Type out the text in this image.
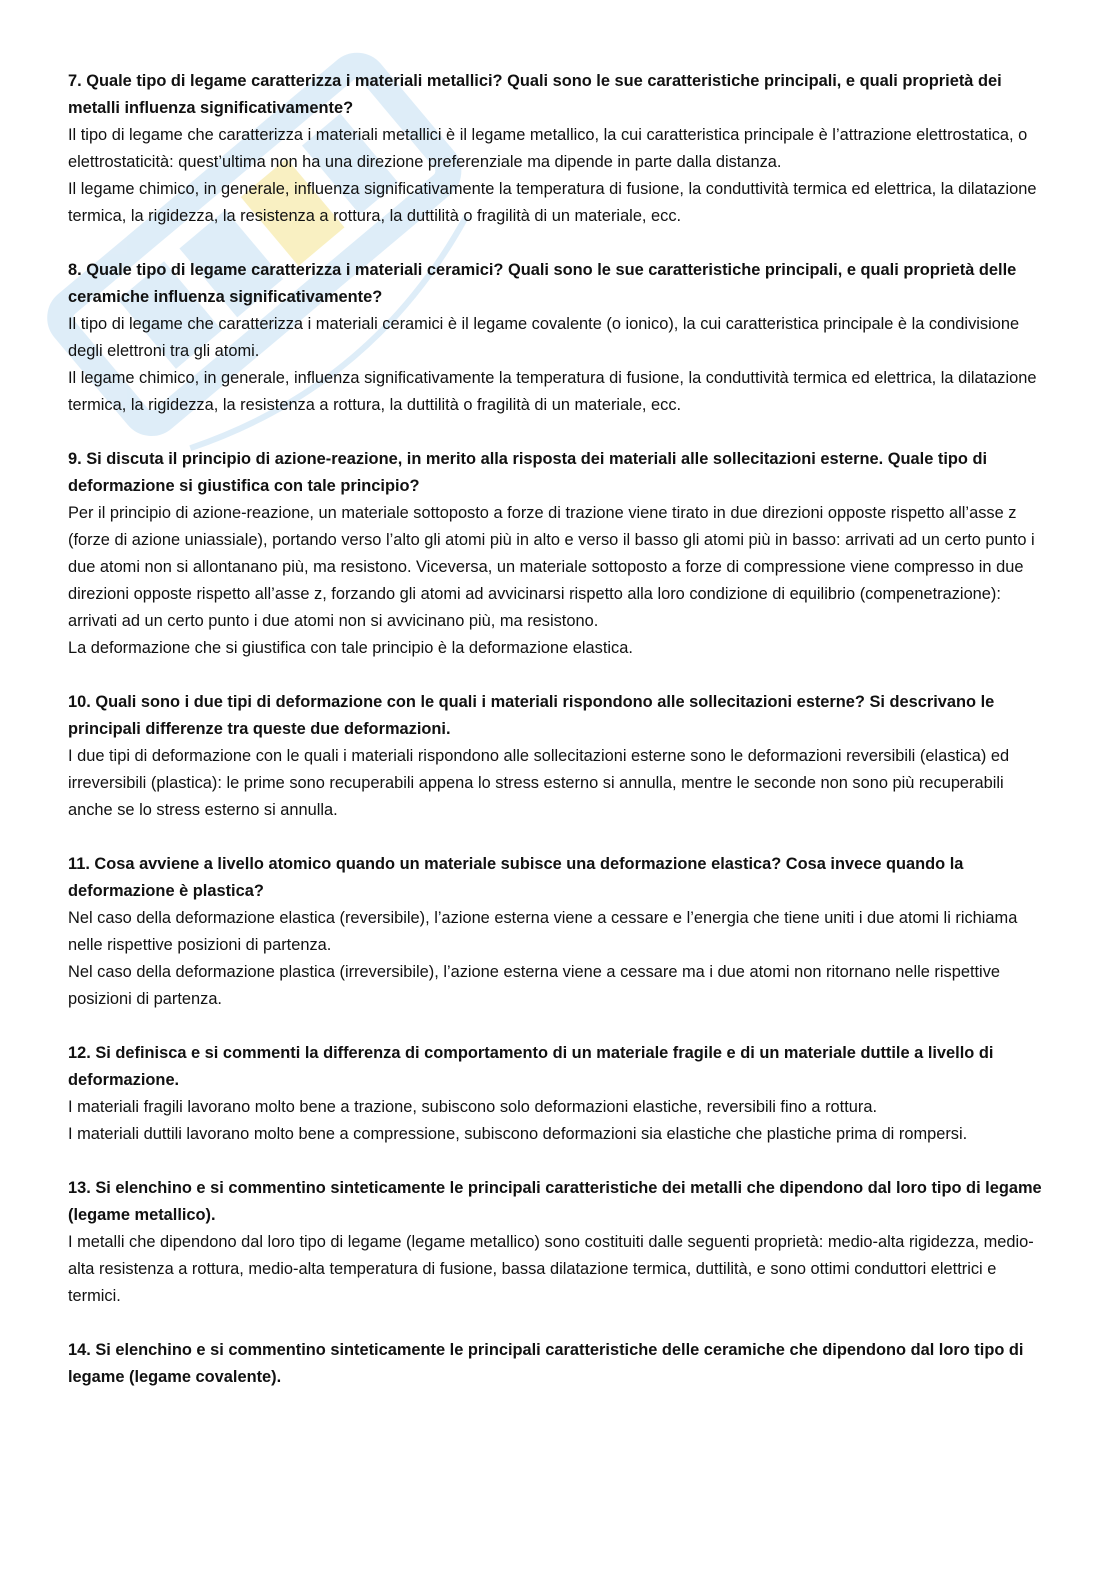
7. Quale tipo di legame caratterizza i materiali metallici? Quali sono le sue caratteristiche principali, e quali proprietà dei metalli influenza significativamente?

Il tipo di legame che caratterizza i materiali metallici è il legame metallico, la cui caratteristica principale è l’attrazione elettrostatica, o elettrostaticità: quest’ultima non ha una direzione preferenziale ma dipende in parte dalla distanza.

Il legame chimico, in generale, influenza significativamente la temperatura di fusione, la conduttività termica ed elettrica, la dilatazione termica, la rigidezza, la resistenza a rottura, la duttilità o fragilità di un materiale, ecc.

8. Quale tipo di legame caratterizza i materiali ceramici? Quali sono le sue caratteristiche principali, e quali proprietà delle ceramiche influenza significativamente?

Il tipo di legame che caratterizza i materiali ceramici è il legame covalente (o ionico), la cui caratteristica principale è la condivisione degli elettroni tra gli atomi.

Il legame chimico, in generale, influenza significativamente la temperatura di fusione, la conduttività termica ed elettrica, la dilatazione termica, la rigidezza, la resistenza a rottura, la duttilità o fragilità di un materiale, ecc.

9. Si discuta il principio di azione-reazione, in merito alla risposta dei materiali alle sollecitazioni esterne. Quale tipo di deformazione si giustifica con tale principio?

Per il principio di azione-reazione, un materiale sottoposto a forze di trazione viene tirato in due direzioni opposte rispetto all’asse z (forze di azione uniassiale), portando verso l’alto gli atomi più in alto e verso il basso gli atomi più in basso: arrivati ad un certo punto i due atomi non si allontanano più, ma resistono. Viceversa, un materiale sottoposto a forze di compressione viene compresso in due direzioni opposte rispetto all’asse z, forzando gli atomi ad avvicinarsi rispetto alla loro condizione di equilibrio (compenetrazione): arrivati ad un certo punto i due atomi non si avvicinano più, ma resistono.

La deformazione che si giustifica con tale principio è la deformazione elastica.

10. Quali sono i due tipi di deformazione con le quali i materiali rispondono alle sollecitazioni esterne? Si descrivano le principali differenze tra queste due deformazioni.

I due tipi di deformazione con le quali i materiali rispondono alle sollecitazioni esterne sono le deformazioni reversibili (elastica) ed irreversibili (plastica): le prime sono recuperabili appena lo stress esterno si annulla, mentre le seconde non sono più recuperabili anche se lo stress esterno si annulla.

11. Cosa avviene a livello atomico quando un materiale subisce una deformazione elastica? Cosa invece quando la deformazione è plastica?

Nel caso della deformazione elastica (reversibile), l’azione esterna viene a cessare e l’energia che tiene uniti i due atomi li richiama nelle rispettive posizioni di partenza.

Nel caso della deformazione plastica (irreversibile), l’azione esterna viene a cessare ma i due atomi non ritornano nelle rispettive posizioni di partenza.

12. Si definisca e si commenti la differenza di comportamento di un materiale fragile e di un materiale duttile a livello di deformazione.

I materiali fragili lavorano molto bene a trazione, subiscono solo deformazioni elastiche, reversibili fino a rottura.

I materiali duttili lavorano molto bene a compressione, subiscono deformazioni sia elastiche che plastiche prima di rompersi.

13. Si elenchino e si commentino sinteticamente le principali caratteristiche dei metalli che dipendono dal loro tipo di legame (legame metallico).

I metalli che dipendono dal loro tipo di legame (legame metallico) sono costituiti dalle seguenti proprietà: medio-alta rigidezza, medio-alta resistenza a rottura, medio-alta temperatura di fusione, bassa dilatazione termica, duttilità, e sono ottimi conduttori elettrici e termici.

14. Si elenchino e si commentino sinteticamente le principali caratteristiche delle ceramiche che dipendono dal loro tipo di legame (legame covalente).
